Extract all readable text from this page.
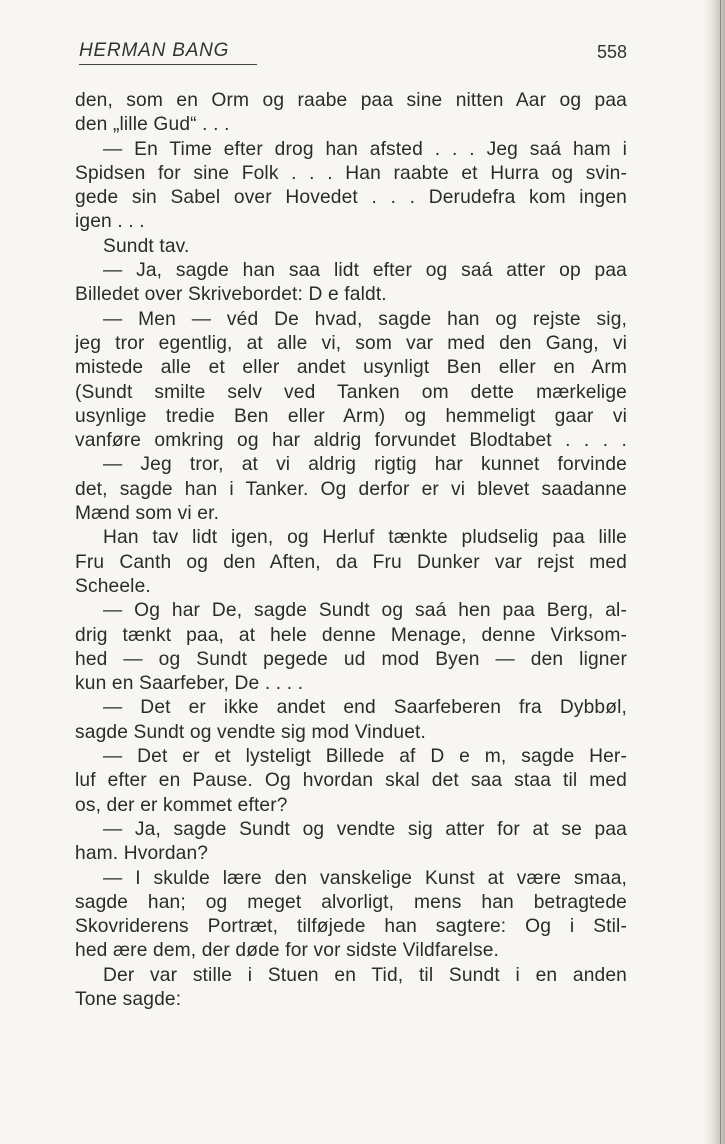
HERMAN BANG	558
den, som en Orm og raabe paa sine nitten Aar og paa
den „lille Gud“ . . .
— En Time efter drog han afsted . . . Jeg saá ham i
Spidsen for sine Folk . . . Han raabte et Hurra og svin-
gede sin Sabel over Hovedet . . . Derudefra kom ingen
igen . . .
Sundt tav.
— Ja, sagde han saa lidt efter og saá atter op paa
Billedet over Skrivebordet: D e faldt.
— Men — véd De hvad, sagde han og rejste sig,
jeg tror egentlig, at alle vi, som var med den Gang, vi
mistede alle et eller andet usynligt Ben eller en Arm
(Sundt smilte selv ved Tanken om dette mærkelige
usynlige tredie Ben eller Arm) og hemmeligt gaar vi
vanføre omkring og har aldrig forvundet Blodtabet . . . .
— Jeg tror, at vi aldrig rigtig har kunnet forvinde
det, sagde han i Tanker. Og derfor er vi blevet saadanne
Mænd som vi er.
Han tav lidt igen, og Herluf tænkte pludselig paa lille
Fru Canth og den Aften, da Fru Dunker var rejst med
Scheele.
— Og har De, sagde Sundt og saá hen paa Berg, al-
drig tænkt paa, at hele denne Menage, denne Virksom-
hed — og Sundt pegede ud mod Byen — den ligner
kun en Saarfeber, De . . . .
— Det er ikke andet end Saarfeberen fra Dybbøl,
sagde Sundt og vendte sig mod Vinduet.
— Det er et lysteligt Billede af D e m, sagde Her-
luf efter en Pause. Og hvordan skal det saa staa til med
os, der er kommet efter?
— Ja, sagde Sundt og vendte sig atter for at se paa
ham. Hvordan?
— I skulde lære den vanskelige Kunst at være smaa,
sagde han; og meget alvorligt, mens han betragtede
Skovriderens Portræt, tilføjede han sagtere: Og i Stil-
hed ære dem, der døde for vor sidste Vildfarelse.
Der var stille i Stuen en Tid, til Sundt i en anden
Tone sagde:
